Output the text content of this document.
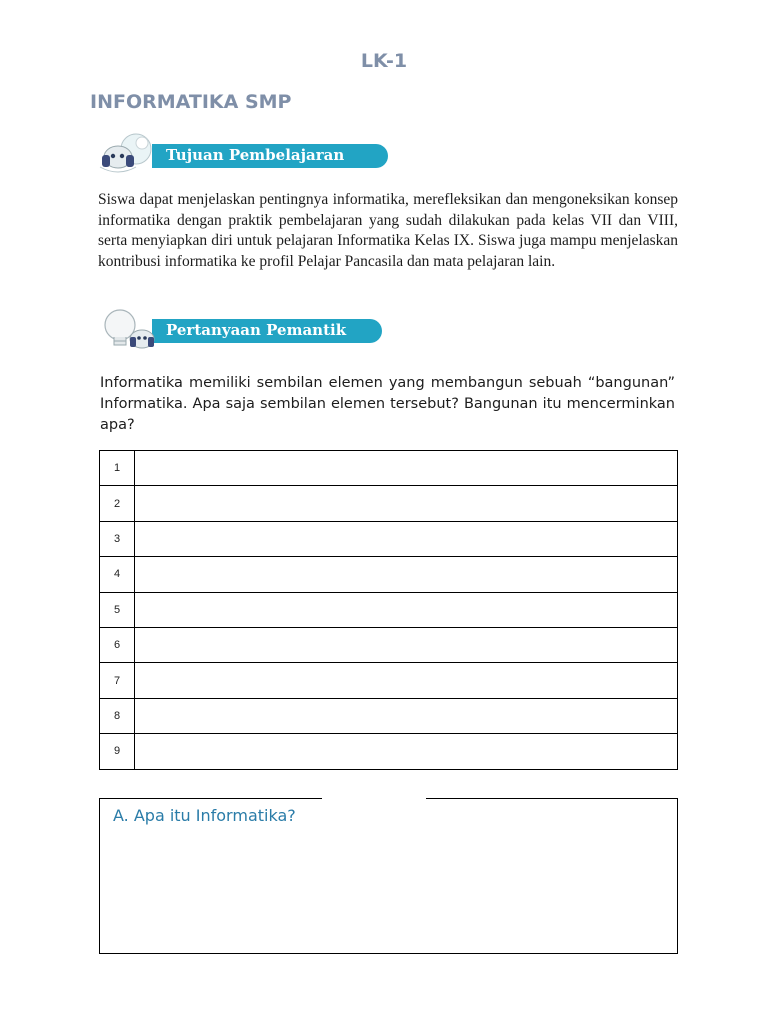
LK-1
INFORMATIKA SMP
Tujuan Pembelajaran
Siswa dapat menjelaskan pentingnya informatika, merefleksikan dan mengoneksikan konsep informatika dengan praktik pembelajaran yang sudah dilakukan pada kelas VII dan VIII, serta menyiapkan diri untuk pelajaran Informatika Kelas IX. Siswa juga mampu menjelaskan kontribusi informatika ke profil Pelajar Pancasila dan mata pelajaran lain.
Pertanyaan Pemantik
Informatika memiliki sembilan elemen yang membangun sebuah “bangunan” Informatika. Apa saja sembilan elemen tersebut? Bangunan itu mencerminkan apa?
1	
2	
3	
4	
5	
6	
7	
8	
9	
A. Apa itu Informatika?
